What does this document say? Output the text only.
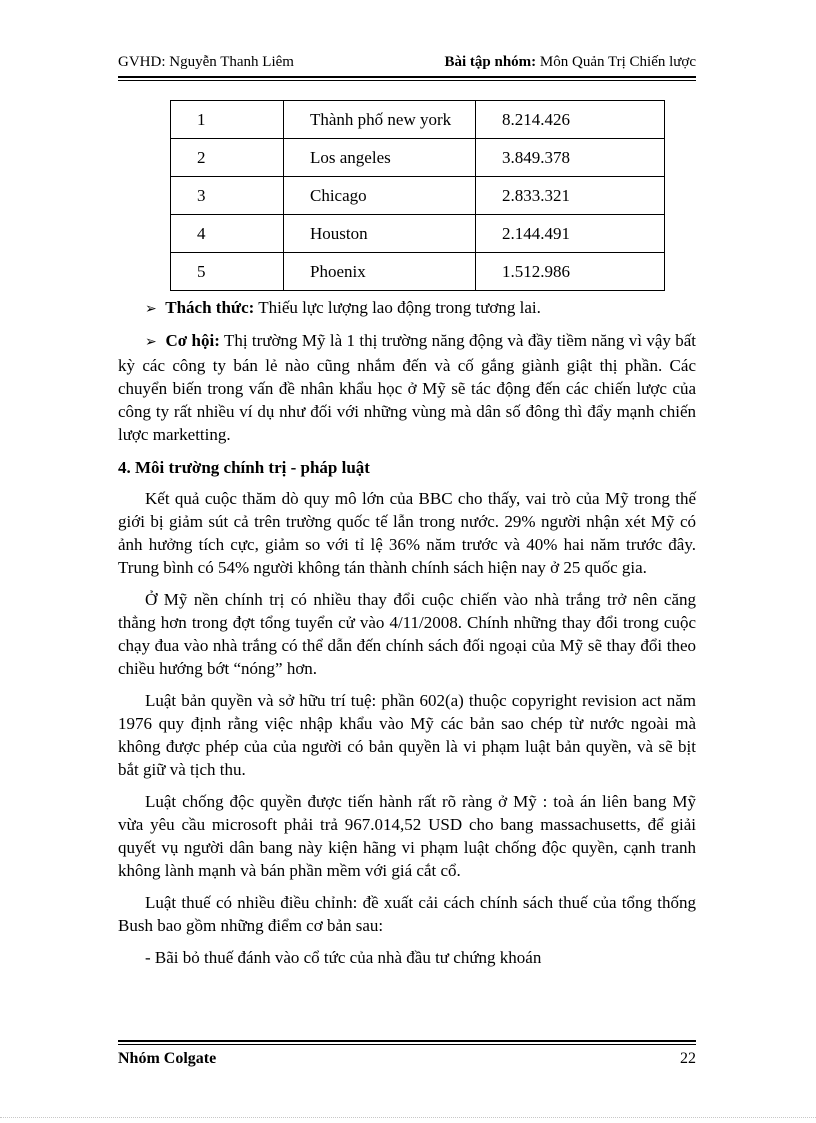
GVHD: Nguyễn Thanh Liêm	Bài tập nhóm: Môn Quản Trị Chiến lược
1	Thành phố new york	8.214.426
2	Los angeles	3.849.378
3	Chicago	2.833.321
4	Houston	2.144.491
5	Phoenix	1.512.986

➢ Thách thức: Thiếu lực lượng lao động trong tương lai.

➢ Cơ hội: Thị trường Mỹ là 1 thị trường năng động và đầy tiềm năng vì vậy bất kỳ các công ty bán lẻ nào cũng nhắm đến và cố gắng giành giật thị phần. Các chuyển biến trong vấn đề nhân khẩu học ở Mỹ sẽ tác động đến các chiến lược của công ty rất nhiều ví dụ như đối với những vùng mà dân số đông thì đẩy mạnh chiến lược marketting.

4. Môi trường chính trị - pháp luật

Kết quả cuộc thăm dò quy mô lớn của BBC cho thấy, vai trò của Mỹ trong thế giới bị giảm sút cả trên trường quốc tế lẫn trong nước. 29% người nhận xét Mỹ có ảnh hưởng tích cực, giảm so với tỉ lệ 36% năm trước và 40% hai năm trước đây. Trung bình có 54% người không tán thành chính sách hiện nay ở 25 quốc gia.

Ở Mỹ nền chính trị có nhiều thay đổi cuộc chiến vào nhà trắng trở nên căng thẳng hơn trong đợt tổng tuyển cử vào 4/11/2008. Chính những thay đổi trong cuộc chạy đua vào nhà trắng có thể dẫn đến chính sách đối ngoại của Mỹ sẽ thay đổi theo chiều hướng bớt “nóng” hơn.

Luật bản quyền và sở hữu trí tuệ: phần 602(a) thuộc copyright revision act năm 1976 quy định rằng việc nhập khẩu vào Mỹ các bản sao chép từ nước ngoài mà không được phép của của người có bản quyền là vi phạm luật bản quyền, và sẽ bịt bắt giữ và tịch thu.

Luật chống độc quyền được tiến hành rất rõ ràng ở Mỹ : toà án liên bang Mỹ vừa yêu cầu microsoft phải trả 967.014,52 USD cho bang massachusetts, để giải quyết vụ người dân bang này kiện hãng vi phạm luật chống độc quyền, cạnh tranh không lành mạnh và bán phần mềm với giá cắt cổ.

Luật thuế có nhiều điều chỉnh: đề xuất cải cách chính sách thuế của tổng thống Bush bao gồm những điểm cơ bản sau:

- Bãi bỏ thuế đánh vào cổ tức của nhà đầu tư chứng khoán

Nhóm Colgate	22
